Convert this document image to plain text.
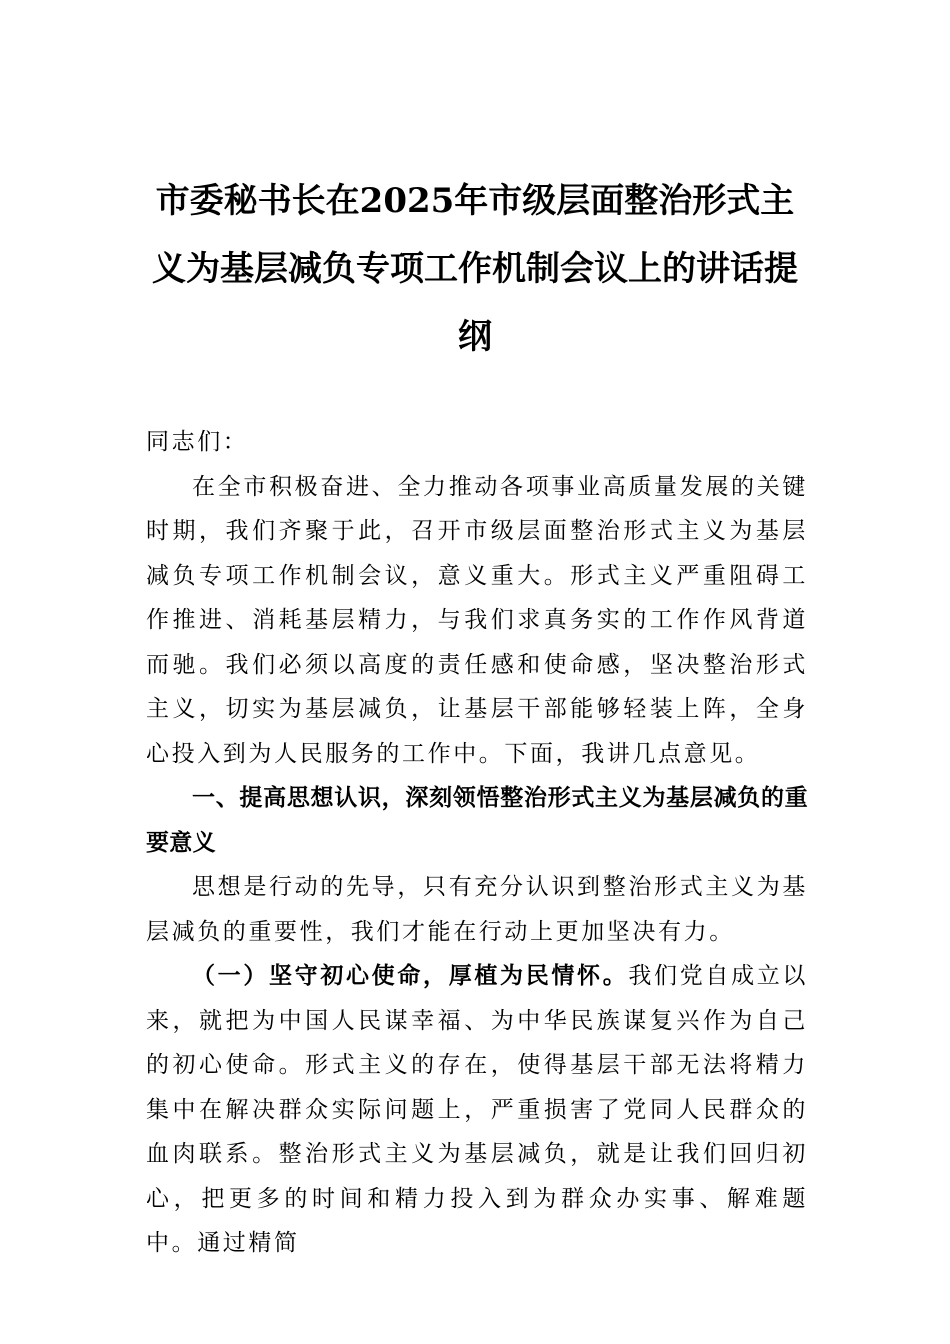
市委秘书长在2025年市级层面整治形式主义为基层减负专项工作机制会议上的讲话提纲

同志们：

在全市积极奋进、全力推动各项事业高质量发展的关键时期，我们齐聚于此，召开市级层面整治形式主义为基层减负专项工作机制会议，意义重大。形式主义严重阻碍工作推进、消耗基层精力，与我们求真务实的工作作风背道而驰。我们必须以高度的责任感和使命感，坚决整治形式主义，切实为基层减负，让基层干部能够轻装上阵，全身心投入到为人民服务的工作中。下面，我讲几点意见。

一、提高思想认识，深刻领悟整治形式主义为基层减负的重要意义

思想是行动的先导，只有充分认识到整治形式主义为基层减负的重要性，我们才能在行动上更加坚决有力。

（一）坚守初心使命，厚植为民情怀。我们党自成立以来，就把为中国人民谋幸福、为中华民族谋复兴作为自己的初心使命。形式主义的存在，使得基层干部无法将精力集中在解决群众实际问题上，严重损害了党同人民群众的血肉联系。整治形式主义为基层减负，就是让我们回归初心，把更多的时间和精力投入到为群众办实事、解难题中。通过精简
